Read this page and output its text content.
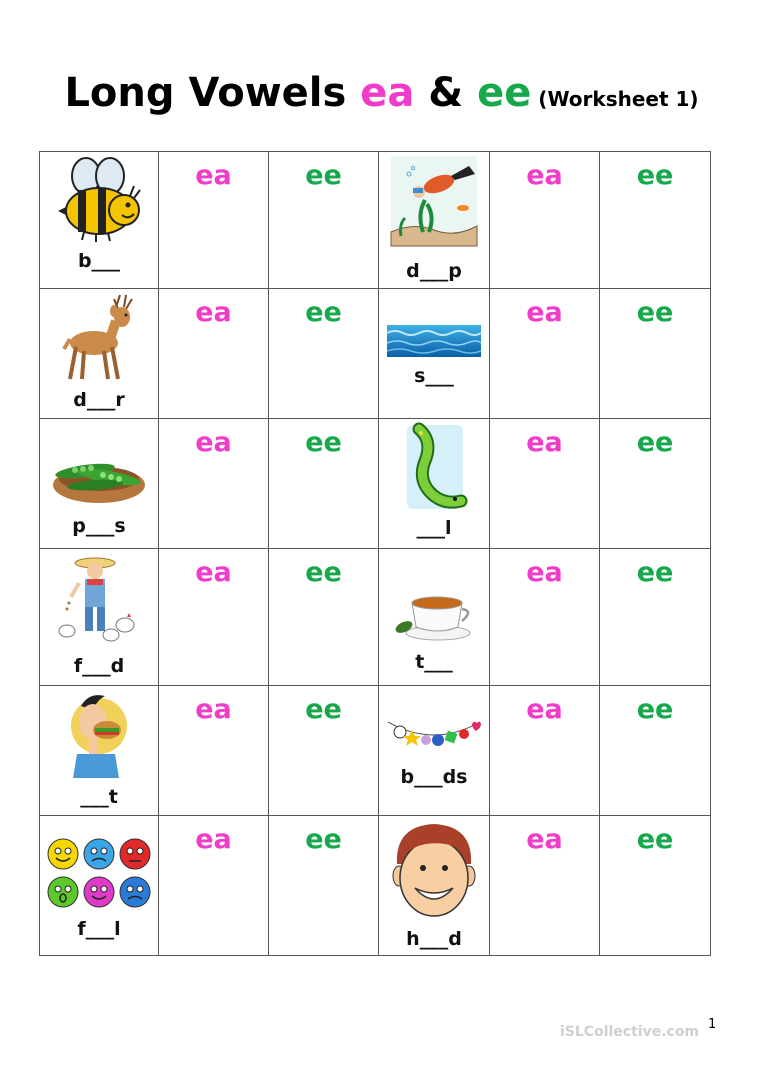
Long Vowels ea & ee (Worksheet 1)
b___	ea	ee	d___p	ea	ee

d___r	ea	ee	s___	ea	ee

p___s	ea	ee	___l	ea	ee

f___d	ea	ee	t___	ea	ee

___t	ea	ee	b___ds	ea	ee

f___l	ea	ee	h___d	ea	ee
iSLCollective.com 1
